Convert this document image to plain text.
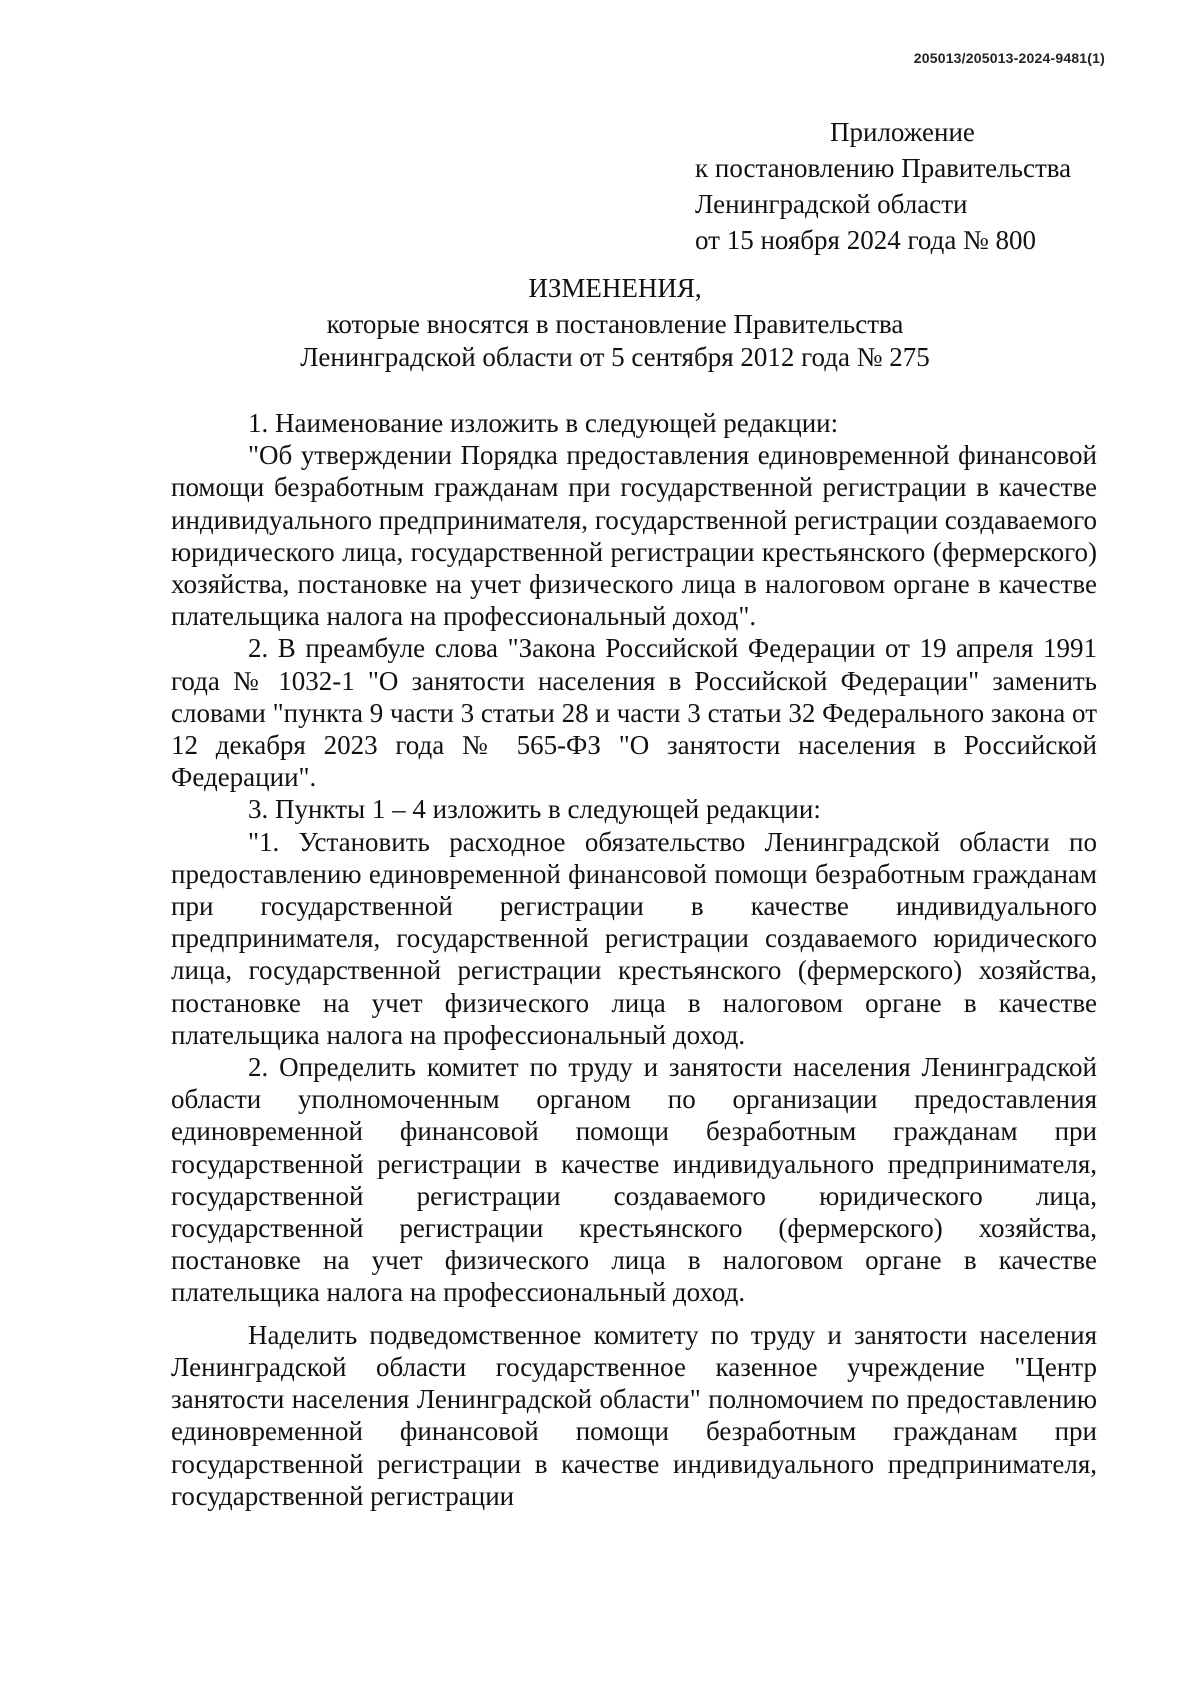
205013/205013-2024-9481(1)
Приложение
к постановлению Правительства
Ленинградской области
от 15 ноября 2024 года № 800
ИЗМЕНЕНИЯ,
которые вносятся в постановление Правительства
Ленинградской области от 5 сентября 2012 года № 275

1. Наименование изложить в следующей редакции:

"Об утверждении Порядка предоставления единовременной финансовой помощи безработным гражданам при государственной регистрации в качестве индивидуального предпринимателя, государственной регистрации создаваемого юридического лица, государственной регистрации крестьянского (фермерского) хозяйства, постановке на учет физического лица в налоговом органе в качестве плательщика налога на профессиональный доход".

2. В преамбуле слова "Закона Российской Федерации от 19 апреля 1991 года № 1032-1 "О занятости населения в Российской Федерации" заменить словами "пункта 9 части 3 статьи 28 и части 3 статьи 32 Федерального закона от 12 декабря 2023 года № 565-ФЗ "О занятости населения в Российской Федерации".

3. Пункты 1 – 4 изложить в следующей редакции:

"1. Установить расходное обязательство Ленинградской области по предоставлению единовременной финансовой помощи безработным гражданам при государственной регистрации в качестве индивидуального предпринимателя, государственной регистрации создаваемого юридического лица, государственной регистрации крестьянского (фермерского) хозяйства, постановке на учет физического лица в налоговом органе в качестве плательщика налога на профессиональный доход.

2. Определить комитет по труду и занятости населения Ленинградской области уполномоченным органом по организации предоставления единовременной финансовой помощи безработным гражданам при государственной регистрации в качестве индивидуального предпринимателя, государственной регистрации создаваемого юридического лица, государственной регистрации крестьянского (фермерского) хозяйства, постановке на учет физического лица в налоговом органе в качестве плательщика налога на профессиональный доход.

Наделить подведомственное комитету по труду и занятости населения Ленинградской области государственное казенное учреждение "Центр занятости населения Ленинградской области" полномочием по предоставлению единовременной финансовой помощи безработным гражданам при государственной регистрации в качестве индивидуального предпринимателя, государственной регистрации
